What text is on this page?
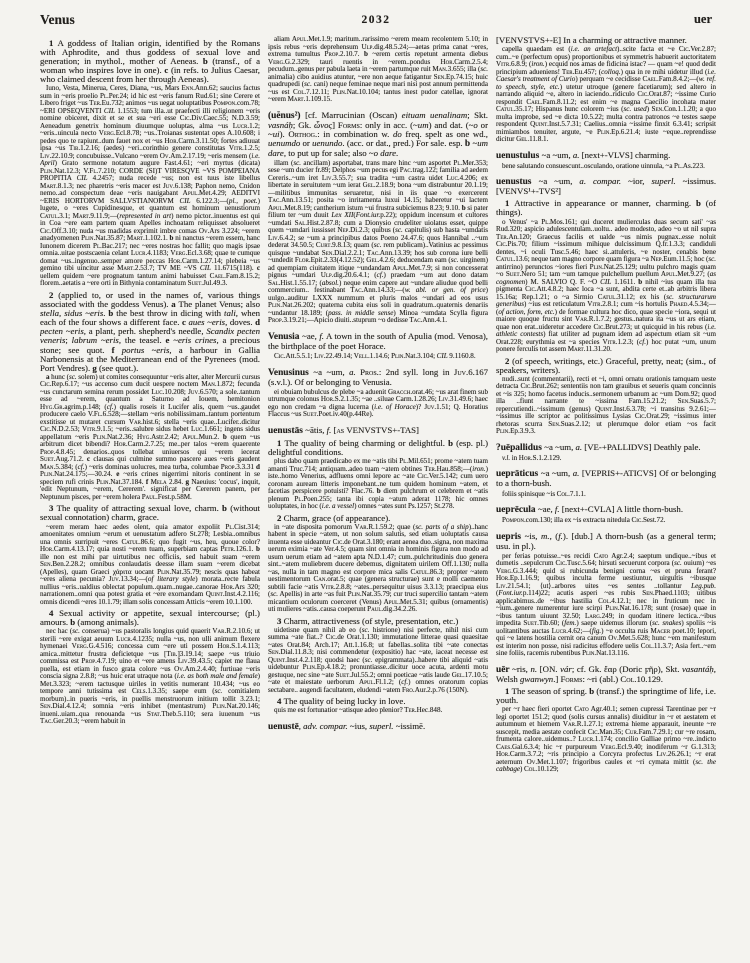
Venus	2032	uer

1 A goddess of Italian origin, identified by the Romans with Aphrodite, and thus goddess of sexual love and generation; in mythol., mother of Aeneas. b (transf., of a woman who inspires love in one). c (in refs. to Julius Caesar, who claimed descent from her through Aeneas).

Iuno, Vesta, Minerua, Ceres, Diana, ~us, Mars Enn.Ann.62; saucius factus sum in ~eris proelio Pl.Per.24; id hic est ~eris fanum Rud.61; sine Cerere et Libero friget ~us Ter.Eu.732; animos ~us uegat uoluptatibus Pompon.com.78; ~ERI OPSEQVENTI CIL 1.1553; tum illa..ut praefecti illi religionem ~eris nomine obiceret, dixit et se et sua ~eri esse Cic.Div.Caec.55; N.D.3.59; Aeneadum genetrix hominum diuumque uoluptas, alma ~us Lucr.1.2; ~eris..uincula necto Verg.Ecl.8.78; ~us..Troianas sustentat opes A.10.608; i pedes quo te rapiunt..dum fauet nox et ~us Hor.Carm.3.11.50; fortes adiuuat ipsa ~us Tib.1.2.16; (aedes) ~eri..corinthio genere constitutas Vitr.1.2.5; Liv.22.10.9; concubuisse..Vulcano ~erem Ov.Am.2.17.19; ~eris mensem (i.e. April) Grato sermone notatum augure Fast.4.61; ~eri myrtus (dicata) Plin.Nat.12.3; V.Fl.7.210; CORDE (SI)T VIRESQVE ~VS POMPEIANA PROPITIA CIL 4.2457; nuda recede ~us; non est tuus iste libellus Mart.8.1.3; nec pharetris ~eris macer est Juv.6.138; Paphon nemo, Cnidon nemo..ad conspectum deae ~eris nauigabant Apul.Met.4.29; AEDITVI ~ERIS HORTORVM SALLVSTIANORVM CIL 6.122.3;—(pl., poet.) lugete, o ~eres Cupidinesque, et quantum est hominum uenustiorum Catul.3.1; Mart.9.11.9;—(represented in art) nemo pictor..inuentus est qui in Coa ~ere eam partem quam Apelles inchoatam reliquisset absolueret Cic.Off.3.10; nuda ~us madidas exprimit imbre comas Ov.Ars 3.224; ~erem anadyomenen Plin.Nat.35.87; Mart.1.102.1. b ni nanctus ~erem essem, hanc Iunonem dicerem Pl.Bac.217; nec ~eres nostras hoc fallit; quo magis ipsae omnia..uitae postscaenia celant Lucr.4.1183; Verg.Ecl.3.68; quae te cumque domat ~us..ingenuo..semper amore peccas Hor.Carm.1.27.14; plebeia ~us gemino tibi uincitur asse Mart.2.53.7; TV ME ~VS CIL 11.6715(118). c uellem quidem ~ere prognatum tantum animi habuisset Cael.Fam.8.15.2; florem..aetatis a ~ere orti in Bithynia contaminatum Suet.Jul.49.3.

2 (applied to, or used in the names of, various things associated with the goddess Venus). a The planet Venus; also stella, sidus ~eris. b the best throw in dicing with tali, when each of the four shows a different face. c aues ~eris, doves. d pecten ~eris, a plant, perh. shepherd's needle, Scandix pecten veneris; labrum ~eris, the teasel. e ~eris crines, a precious stone; see quot. f portus ~eris, a harbour in Gallia Narbonensis at the Mediterranean end of the Pyrenees (mod. Port Vendres). g (see quot.).

a hunc (sc. solem) ut comites consequuntur ~eris alter, alter Mercurii cursus Cic.Rep.6.17; ~us accenso cum ducit uespere noctem Man.1.872; fecunda ~us cunctarum semina rerum possidet Luc.10.208; Juv.6.570; a sole..tantum esse ad ~erem, quantum a Saturno ad Iouem, hemitonion Hyg.Gr.agrim.p.148; (cf.) qualis roseis it Lucifer alis, quem ~us..gaudet producere caelo V.Fl.6.528;—stellam ~eris nobilissimam..tantum portentum exstitisse ut mutaret cursum Var.hist.6; stella ~eris quae..Lucifer..dicitur Cic.N.D.2.53; Vitr.9.1.5; ~eris..salubre sidus hebet Luc.1.661; ingens sidus appellatum ~eris Plin.Nat.2.36; Hyg.Astr.2.42; Apul.Mun.2. b quem ~us arbitrum dicet bibendi? Hor.Carm.2.7.25; me..per talos ~erem quaerente Prop.4.8.45; denarios..quos tollebat uniuersos qui ~erem iecerat Suet.Aug.71.2. c clausas qui culmine summo pascere aues ~eris gaudent Man.5.384; (cf.) ~eris dominas uolucres, mea turba, columbae Prop.3.3.31 d Plin.Nat.24.175;—30.24. e ~eris crines nigerrimi nitoris continent in se speciem rufi crinis Plin.Nat.37.184. f Mela 2.84. g Naeuius: 'cocus', inquit, 'edit Neptunum, ~erem, Cererem'. significat per Cererem panem, per Neptunum pisces, per ~erem holera Paul.Fest.p.58M.

3 The quality of attracting sexual love, charm. b (without sexual connotation) charm, grace.

~erem meram haec aedes olent, quia amator expoliit Pl.Cist.314; amoenitates omnium ~erum et uenustatum adfero St.278; Lesbia..omnibus una omnis surripuit ~eres Catul.86.6; quo fugit ~us, heu, quoue color? Hor.Carm.4.13.17; quia nosti ~erem tuam, superbiam captas Petr.126.1. b ille non est mihi par uirtutibus nec officiis, sed habuit suam ~erem Sen.Ben.2.28.2; omnibus conlaudatis deesse illam suam ~erem dicebat (Apelles), quam Graeci χάριτα uocant Plin.Nat.35.79; nescis quas habeat ~eres aliena pecunia? Juv.13.34;—(of literary style) morata..recte fabula nullius ~eris..ualdius oblectat populum..quam..nugae..canorae Hor.Ars 320; narrationem..omni qua potest gratia et ~ere exornandam Quint.Inst.4.2.116; omnis dicendi ~eres 10.1.79; illam solis concessam Atticis ~erem 10.1.100.

4 Sexual activity or appetite, sexual intercourse; (pl.) amours. b (among animals).

nec hac (sc. conserua) ~us pastoralis longius quid quaerit Var.R.2.10.6; ut sterili ~ere exigat aeuum Lucr.4.1235; nulla ~us, non ulli animum flexere hymenaei Verg.G.4.516; concessa cum ~ere uti possem Hor.S.1.4.113; amica..mittetur frustra deficietque ~us [Tib.]3.19.14; saepe ~us triuio commissa est Prop.4.7.19; uino et ~ere amens Liv.39.43.5; capiet me flaua puella, est etiam in fusco grata colore ~us Ov.Am.2.4.40; furtiuae ~eris conscia signa 2.8.8; ~us huic erat utraque nota (i.e. as both male and female) Met.3.323; ~erem tactusque uiriles in vetitis numerant 10.434; ~us eo tempore anni tutissima est Cels.1.3.35; saepe eum (sc. comitialem morbum)..in pueris ~eris, in puellis menstruorum initium tollit 3.23.1; Sen.Dial.4.12.4; somnia ~eris inhibet (mentastrum) Plin.Nat.20.146; inueni..uiam..qua renouanda ~us Stat.Theb.5.110; sera iuuenum ~us Tac.Ger.20.3; ~erem habuit in

aliam Apul.Met.1.9; maritum..rarissimo ~erem meam recolentem 5.10; in ipsis rebus ~eris deprehensum Ulp.dig.48.5.24;—aetas prima canat ~eres, extrema tumultus Prop.2.10.7. b ~erem certis repetunt armenta diebus Verg.G.2.329; tauri ruentis in ~erem..pondus Hor.Carm.2.5.4; pecudum..genus per pabula laeta in ~erem partumque ruit Man.3.655; illa (sc. animalia) cibo auidius atuntur, ~ere non aeque fatigantur Sen.Ep.74.15; huic quadrupedi (sc. cani) neque feminae neque mari nisi post annum permittenda ~us est Col.7.12.11; Plin.Nat.10.104; tantus inest pudor catellae, ignorat ~erem Mart.1.109.15.

(uĕnus²) [cf. Marrucinian (Oscan) eituam uenalinam; Skt. vasnáḥ; Gk. ὦνος] Forms: only in acc. (~um) and dat. (~o or ~ui). Orthog.: in combination w. do freq. spelt as one wd., uenumdo or uenundo. (acc. or dat., pred.) For sale. esp. b ~um dare, to put up for sale; also ~o dare.

illam (sc. ancillam) asportabat, trans mare hinc ~um asportet Pl.Mer.353; sese ~um ducier fr.89; Delphos ~um pecus egi Pac.trag.122; familia ad aedem Cereris..~um iret Liv.3.55.7; sua tradita ~um castra uidet Luc.4.206; ex libertate in seruitutem ~um ierat Gel.2.18.9; bona ~um distrabuntur 20.1.19;—militibus immunitas seruaretur, nisi in iis quae ~o exercerent Tac.Ann.13.51; posita ~o inritamenta luxui 14.15; haberetur ~ui lactem Apul.Met.8.19; cantherium istum ~ui frustra subiciemus 8.23; 9.10. b si pater filium ter ~um duuit Lex XII(Font.iur.p.22); oppidum incensum et cultores ~umdati Sal.Hist.2.87.8; cum a Dionysio crudeliter uiolatus esset, quippe quem ~umdari iussisset Nep.Di.2.3; quibus (sc. capitulis) sub hasta ~umdatis Liv.6.4.2; se ~um a principibus datos Poeno 24.47.6; quos Hannibal ..~um dederat 34.50.5; Curt.9.8.13; quam (sc. rem publicam)..Vatinius ac pessimus quisque ~undabat Sen.Dial.2.2.1; Tac.Ann.13.39; hos sub corona iure belli ~undedit Flor.Epit.2.33(4.12.52); Gel.4.2.6; deducendam eam (sc. uirginem) ad quempiam ciuitatem itique ~undandam Apul.Met.7.9; si non concesserat pignus ~umdari Ulp.dig.20.6.4.1; (cf.) praedam ~um aut dono datam Sal.Hist.1.55.17; (absol.) neque enim capere aut ~undare aliudue quod belli commercium.. festinabant Tac.Ann.14.33;—(w. abl. or gen. of price) uulgo..auditur LXXX nummum et pluris malos ~undari ad eos usus Plin.Nat.26.202; quaterna cubita eius soli in quadratum..quaternis denariis ~undantur 18.189; (pass. in middle sense) Minoa ~umdata Scylla figura Prop.3.19.21;—Apicio diuiti..stuprum ~o dedisse Tac.Ann.4.1.

Venusia ~ae, f. A town in the south of Apulia (mod. Venosa), the birthplace of the poet Horace.

Cic.Att.5.5.1; Liv.22.49.14; Vell.1.14.6; Plin.Nat.3.104; CIL 9.1160.8.

Venusinus ~a ~um, a. Pros.: 2nd syll. long in Juv.6.167 (s.v.l.). Of or belonging to Venusia.

ei obuiam bubulcus de plebe ~a aduenit Gracch.orat.46; ~us arat finem sub utrumque colonus Hor.S.2.1.35; ~ae ..siluae Carm.1.28.26; Liv.31.49.6; haec ego non credam ~a digna lucerna (i.e. of Horace)? Juv.1.51; Q. Horatius Flaccus ~us Suet.Poet.iv.40(p.44Re).

uenustās ~ātis, f. [as VENVSTVS+-TAS]

1 The quality of being charming or delightful. b (esp. pl.) delightful conditions.

plus dabo quam praedicabo ex me ~atis tibi Pl.Mil.651; prome ~atem tuam amanti Truc.714; antiquam..adeo tuam ~atem obtines Ter.Hau.858;—(iron.) iste..homo Venerius, adfluens omni lepore ac ~ate Cic.Ver.5.142; cum uero coronam auream litteris imponebant..ne tum quidem hominum ~atem, et facetias perspicere potuisti? Flac.76. b diem pulchrum et celebrem et ~atis plenum Pl.Poen.255; tanta ibi copia ~atum aderat 1178; hic omnes uoluptates, in hoc (i.e. a vessel) omnes ~ates sunt Ps.1257; St.278.

2 Charm, grace (of appearance).

in ~ate disposita pomorum Var.R.1.59.2; quae (sc. parts of a ship)..hanc habent in specie ~atem, ut non solum salutis, sed etiam uoluptatis causa inuenta esse uideantur Cic.de Orat.3.180; erant aenea duo..signa, non maxima uerum eximia ~ate Ver.4.5; quam sint omnia in hominis figura non modo ad usum uerum etiam ad ~atem apta N.D.1.47; cum..pulchritudinis duo genera sint..~atem muliebrem ducere debemus, dignitatem uirilem Off.1.130; nulla ~as, nulla in tam magno est corpore mica salis Catul.86.3; propter ~atem uestimentorum Can.orat.5; quae (genera structurae) sunt e molli caemento subtili facie ~atis Vitr.2.8.8; ~ates..persequitur uisus 3.3.13; praecipua eius (sc. Apellis) in arte ~as fuit Plin.Nat.35.79; cur truci supercilio tantam ~atem micantium oculorum coerceret (Venus) Apul.Met.5.31; quibus (ornamentis) uti mulieres ~atis..causa coeperunt Paul.dig.34.2.26.

3 Charm, attractiveness (of style, presentation, etc.)

uidetisne quam nihil ab eo (sc. histrione) nisi perfecte, nihil nisi cum summa ~ate fiat..? Cic.de Orat.1.130; immutatione litterae quasi quaesitae ~ates Orat.84; Arch.17; Att.1.16.8; ut fabellas..solita tibi ~ate conectas Sen.Dial.11.8.3; nisi commendetur (expositio) hac ~ate, iaceat necesse est Quint.Inst.4.2.118; quodsi haec (sc. epigrammata)..habere tibi aliquid ~atis uidebuntur Plin.Ep.4.18.2; pronuntiasse..dicitur uoce acuta, ardenti motu gestuque, nec sine ~ate Suet.Jul.55.2; omni poeticae ~atis laude Gel.17.10.5; ~ate et maiestate uerborum Apul.Fl.1.2; (cf.) omnes oratorum copias sectabare.. augendi facultatem, eludendi ~atem Fro.Aur.2.p.76 (150N).

4 The quality of being lucky in love.

quis me est fortunatior ~atisque adeo plenior? Ter.Hec.848.

uenustē, adv. compar. ~ius, superl. ~issimē.

[VENVSTVS+-E] In a charming or attractive manner.

capella quaedam est (i.e. an artefact)..scite facta et ~e Cic.Ver.2.87; cum..~e (perfectum opus) proportionibus et symmetris habuerit auctoritatem Vitr.6.8.9; (iron.) ecquid nos amas de fidicina istac? — quam ~e! quod dedit principium adueniens! Ter.Eu.457; (colloq.) qua in re mihi uidetur illud (i.e. Caesar's treatment of Curio) perquam ~e cecidisse Cael.Fam.8.4.2;—(w. ref. to speech, style, etc.) utetur utroque (genere facetiarum); sed altero in narrando aliquid ~e, altero in iaciendo..ridiculo Cic.Orat.87; ~issime Curio respondit Cael.Fam.8.11.2; est enim ~e magna Caecilio incohata mater Catul.35.17; Hispanus hunc colorem ~ius (sc. used) Sen.Con.1.1.20; a quo multa improbe, sed ~e dicta 10.5.22; multa contra patronos ~e testes saepe respondent Quint.Inst.5.7.31; Caelius..omnia ~issime finxit 6.3.41; scripsit mimiambos tenuiter, argute, ~e Plin.Ep.6.21.4; iuste ~eque..reprendisse dicitur Gel.11.8.1.

uenustulus ~a ~um, a. [next+-VLVS] charming.

bene salutando consuescunt..osculando, oratione uinnula, ~a Pl.As.223.

uenustus ~a ~um, a. compar. ~ior, superl. ~issimus. [VENVS¹+-TVS²]

1 Attractive in appearance or manner, charming. b (of things).

o Venus' ~a Pl.Mos.161; qui duceret mulierculas duas secum sati' ~as Rud.320; aspicio adulescentulam..uoltu.. adeo modesto, adeo ~o ut nil supra Ter.An.120; Graecus facilis et ualde ~us nimis pugnax..esse noluit Cic.Pis.70; filium ~issimum mihique dulcissimum Q.fr.1.3.3; candiduli dentes, ~i oculi Tusc.5.46; haec si..attuleris, ~e noster, cenabis bene Catul.13.6; neque tam magno corpore quam figura ~a Nep.Eum.11.5; hoc (sc. antirrino) perunctos ~iores fieri Plin.Nat.25.129; uultu pulchro magis quam ~o Suet.Nero 51; tam ~um tamque pulchellum puellum Apul.Met.9.27; (as cognomen) M. SALVIO Q. F. ~O CIL 1.1611. b nihil ~ius quam illa tua pigmenta Cic.Att.4.8.2; haec loca ~a sunt, abdita certe et..ab arbitris libera 15.16a; Rep.1.21; o ~a Sirmio Catul.31.12; ex his (sc. structurarum generibus) ~ius est reticulatum Vitr.2.8.1; cum ~is hortulis Phaed.4.5.34;—(of action, form, etc.) de formae cultura hoc dico, quae specie ~iora, sequi ut maiore quoque fructu sint Var.R.1.7.2; gestus..natura ita ~us ut ars etiam, quae non erat..uideretur accedere Cic.Brut.273; ut quicquid in his rebus (i.e. athletic contests) fiat utiliter ad pugnam idem ad aspectum etiam sit ~um Orat.228; eurythmia est ~a species Vitr.1.2.3; (cf.) hoc putat ~um, unum ponere ferculis tot assem Mart.11.31.20.

2 (of speech, writings, etc.) Graceful, pretty, neat; (sim., of speakers, writers).

nudi..sunt (commentarii), recti et ~i, omni ornatu orationis tamquam ueste detracta Cic.Brut.262; sententiis non tam grauibus et seueris quam concinnis et ~is 325; homo facetus inducis..sermonem urbanum ac ~um Dom.92; quod illa ..fiunt narrante te ~issima Fam.15.21.2; Sen.Suas.5.7; repercutiendi..~issimum (genus) Quint.Inst.6.3.78; ~i transitus 9.2.61;—~issimus ille scriptor ac politissimus Lysias Cic.Orat.29; ~issimus inter rhetoras scurra Sen.Suas.2.12; ut plerumque dolor etiam ~os facit Plin.Ep.3.9.3.

?uēpallidus ~a ~um, a. [VE-+PALLIDVS] Deathly pale.

v.l. in Hor.S.1.2.129.

ueprāticus ~a ~um, a. [VEPRIS+-ATICVS] Of or belonging to a thorn-bush.

foliis spinisque ~is Col.7.1.1.

ueprēcula ~ae, f. [next+-CVLA] A little thorn-bush.

Pompon.com.130; illa ex ~is extracta nitedula Cic.Sest.72.

uepris ~is, m., (f.). [dub.] A thorn-bush (as a general term; usu. in pl.).

per ferias potuisse..~es recidi Cato Agr.2.4; saeptum undique..~ibus et dumetis ..sepulcrum Cic.Tusc.5.64; hirsuti secuerunt corpora (sc. ouium) ~es Verg.G.3.444; quid si rubicunda benigni corna ~es et pruna ferant? Hor.Ep.1.16.9; quibus inculta ferme uestiuntur, uirgultis ~ibusque Liv.21.54.1; ⟨ut⟩..arbores uites ~es sentes ..tollantur Leg.pub.(Font.iur.p.114)22; acutis asperi ~es rubis Sen.Phaed.1103; uitibus applicabimus..de ~ibus hastilia Col.4.12.1; nec in fruticum nec in ~ium..genere numerentur iure scirpi Plin.Nat.16.178; sunt (rosae) quae in ~ibus tantum uiuunt 32.50; Larg.249; in quodam itinere lectica..~ibus impedita Suet.Tib.60; (fem.) saepe uidemus illorum (sc. snakes) spoliis ~is uolitantibus auctas Lucr.4.62;—(fig.) ~e occulta ruis Macer poet.10; lepori, qui ~e latens hostilia cernit ora canum Ov.Met.5.628; hunc ~em manifestum est interim non posse, nisi radicitus effodere uelis Col.11.3.7; Asia fert..~em sine foliis, racemis rubentibus Plin.Nat.13.116.

uēr ~ris, n. [ON. vár; cf. Gk. ἔαρ (Doric ϝῆρ), Skt. vasantáḥ, Welsh gwanwyn.] Forms: ~ri (abl.) Col.10.129.

1 The season of spring. b (transf.) the springtime of life, i.e. youth.

per ~r haec fieri oportet Cato Agr.40.1; semen cupressi Tarentinae per ~r legi oportet 151.2; quod (solis cursus annalis) diuiditur in ~r et aestatem et autumnum et hiemem Var.R.1.27.1; extrema hieme apparauit, ineunte ~re suscepit, media aestate confecit Cic.Man.35; Cur.Fam.7.29.1; cur ~re rosam, frumenta calore..uidemus..? Lucr.1.174; concilio Galliae primo ~re..indicto Caes.Gal.6.3.4; hic ~r purpureum Verg.Ecl.9.40; inodiferum ~r G.1.313; Hor.Carm.3.7.2; ~ris principio a Corcyra profectus Liv.26.26.1; ~r erat aeternum Ov.Met.1.107; frigoribus caules et ~ri cymata mittit (sc. the cabbage) Col.10.129;
